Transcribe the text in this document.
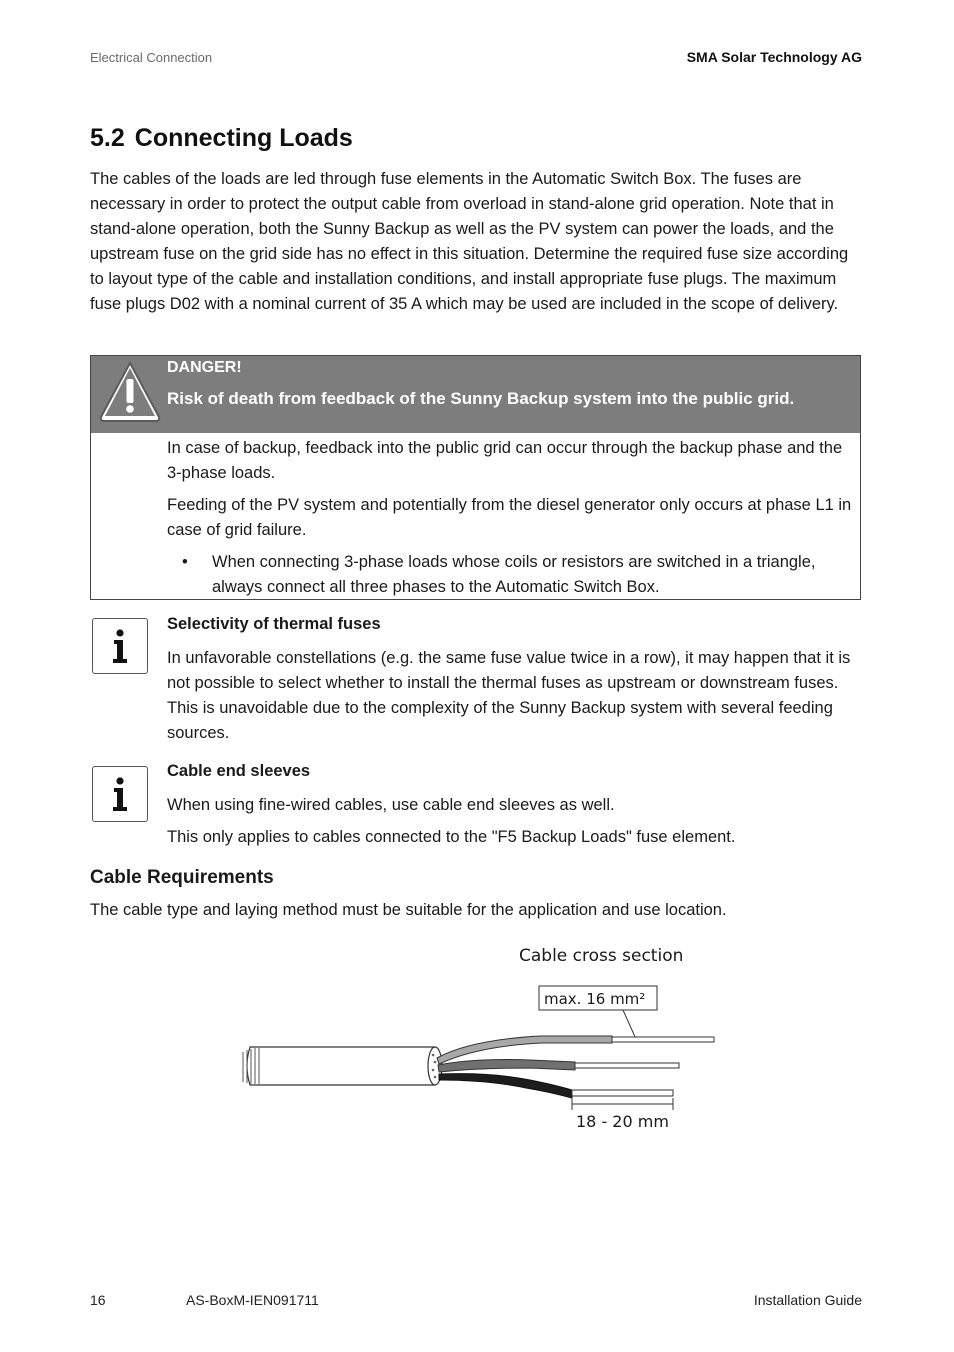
Electrical Connection	SMA Solar Technology AG
5.2 Connecting Loads

The cables of the loads are led through fuse elements in the Automatic Switch Box. The fuses are necessary in order to protect the output cable from overload in stand-alone grid operation. Note that in stand-alone operation, both the Sunny Backup as well as the PV system can power the loads, and the upstream fuse on the grid side has no effect in this situation. Determine the required fuse size according to layout type of the cable and installation conditions, and install appropriate fuse plugs. The maximum fuse plugs D02 with a nominal current of 35 A which may be used are included in the scope of delivery.

DANGER!
Risk of death from feedback of the Sunny Backup system into the public grid.

In case of backup, feedback into the public grid can occur through the backup phase and the 3-phase loads.

Feeding of the PV system and potentially from the diesel generator only occurs at phase L1 in case of grid failure.

• When connecting 3-phase loads whose coils or resistors are switched in a triangle, always connect all three phases to the Automatic Switch Box.
Selectivity of thermal fuses

In unfavorable constellations (e.g. the same fuse value twice in a row), it may happen that it is not possible to select whether to install the thermal fuses as upstream or downstream fuses. This is unavoidable due to the complexity of the Sunny Backup system with several feeding sources.

Cable end sleeves

When using fine-wired cables, use cable end sleeves as well.

This only applies to cables connected to the "F5 Backup Loads" fuse element.

Cable Requirements
The cable type and laying method must be suitable for the application and use location.
Cable cross section
max. 16 mm²
18 - 20 mm
16	AS-BoxM-IEN091711	Installation Guide
